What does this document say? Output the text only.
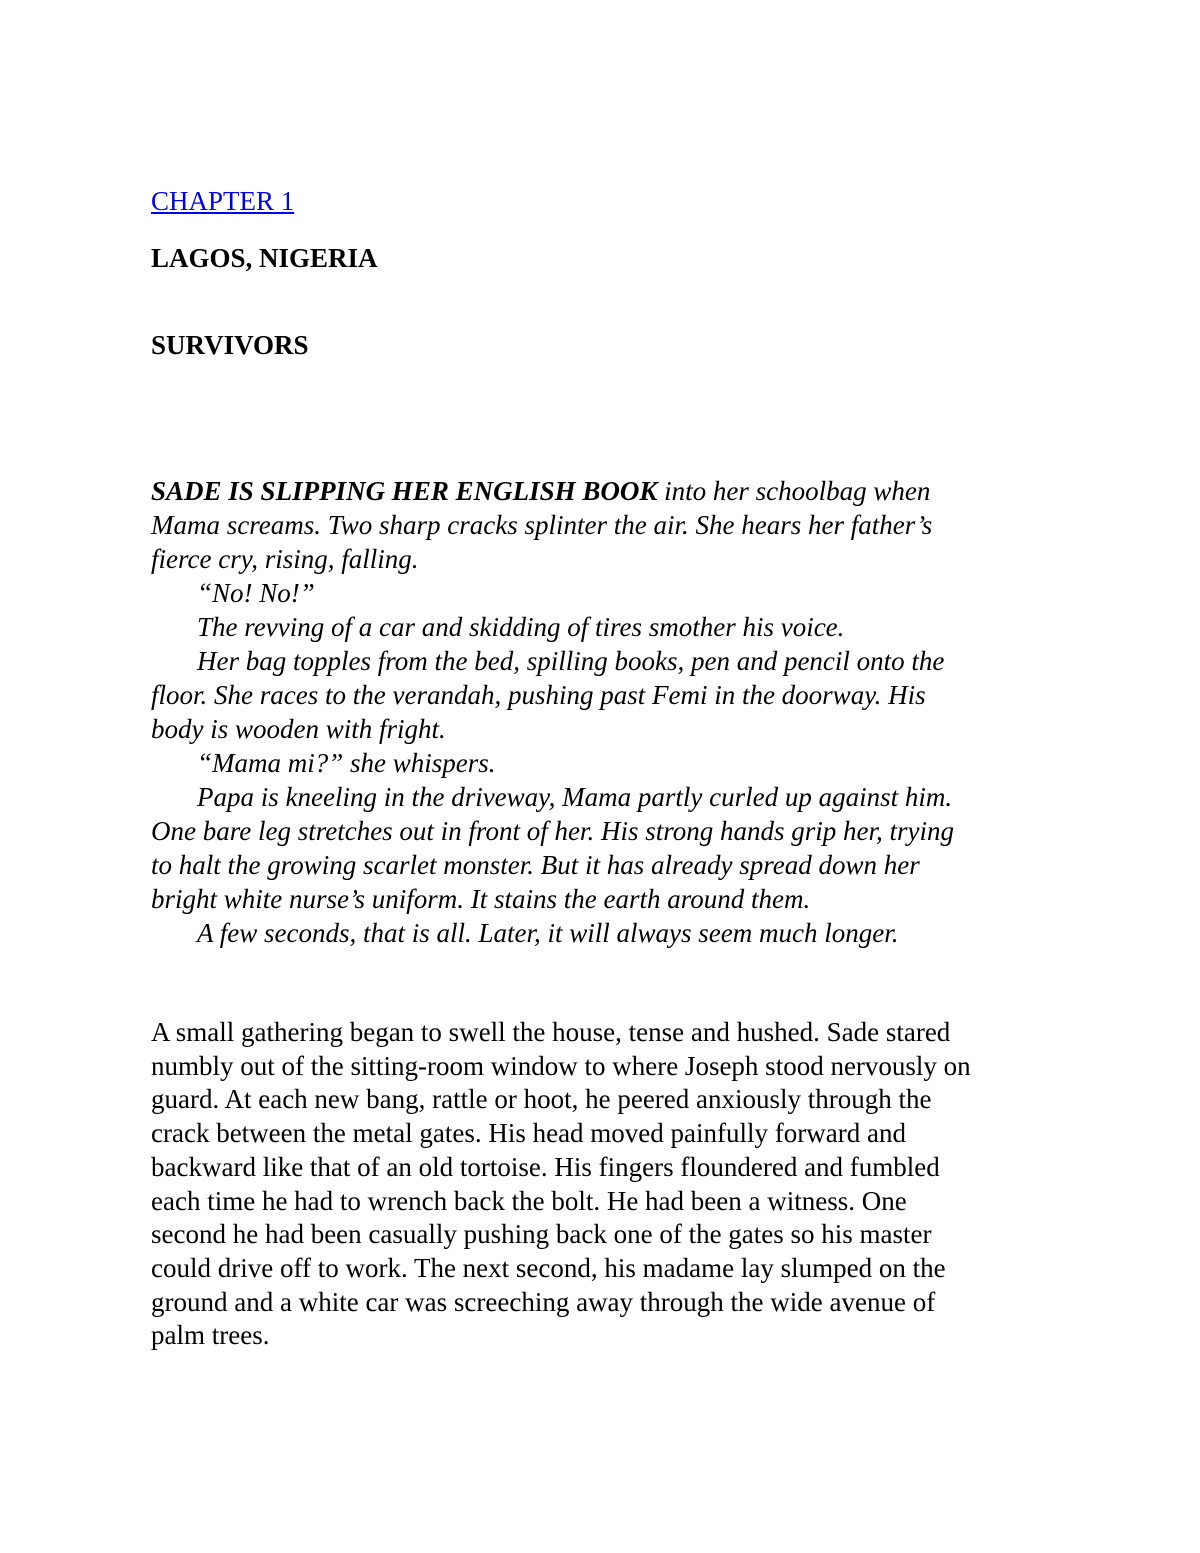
CHAPTER 1
LAGOS, NIGERIA
SURVIVORS

SADE IS SLIPPING HER ENGLISH BOOK into her schoolbag when

Mama screams. Two sharp cracks splinter the air. She hears her father’s

fierce cry, rising, falling.

“No! No!”

The revving of a car and skidding of tires smother his voice.

Her bag topples from the bed, spilling books, pen and pencil onto the

floor. She races to the verandah, pushing past Femi in the doorway. His

body is wooden with fright.

“Mama mi?” she whispers.

Papa is kneeling in the driveway, Mama partly curled up against him.

One bare leg stretches out in front of her. His strong hands grip her, trying

to halt the growing scarlet monster. But it has already spread down her

bright white nurse’s uniform. It stains the earth around them.

A few seconds, that is all. Later, it will always seem much longer.

A small gathering began to swell the house, tense and hushed. Sade stared

numbly out of the sitting-room window to where Joseph stood nervously on

guard. At each new bang, rattle or hoot, he peered anxiously through the

crack between the metal gates. His head moved painfully forward and

backward like that of an old tortoise. His fingers floundered and fumbled

each time he had to wrench back the bolt. He had been a witness. One

second he had been casually pushing back one of the gates so his master

could drive off to work. The next second, his madame lay slumped on the

ground and a white car was screeching away through the wide avenue of

palm trees.
